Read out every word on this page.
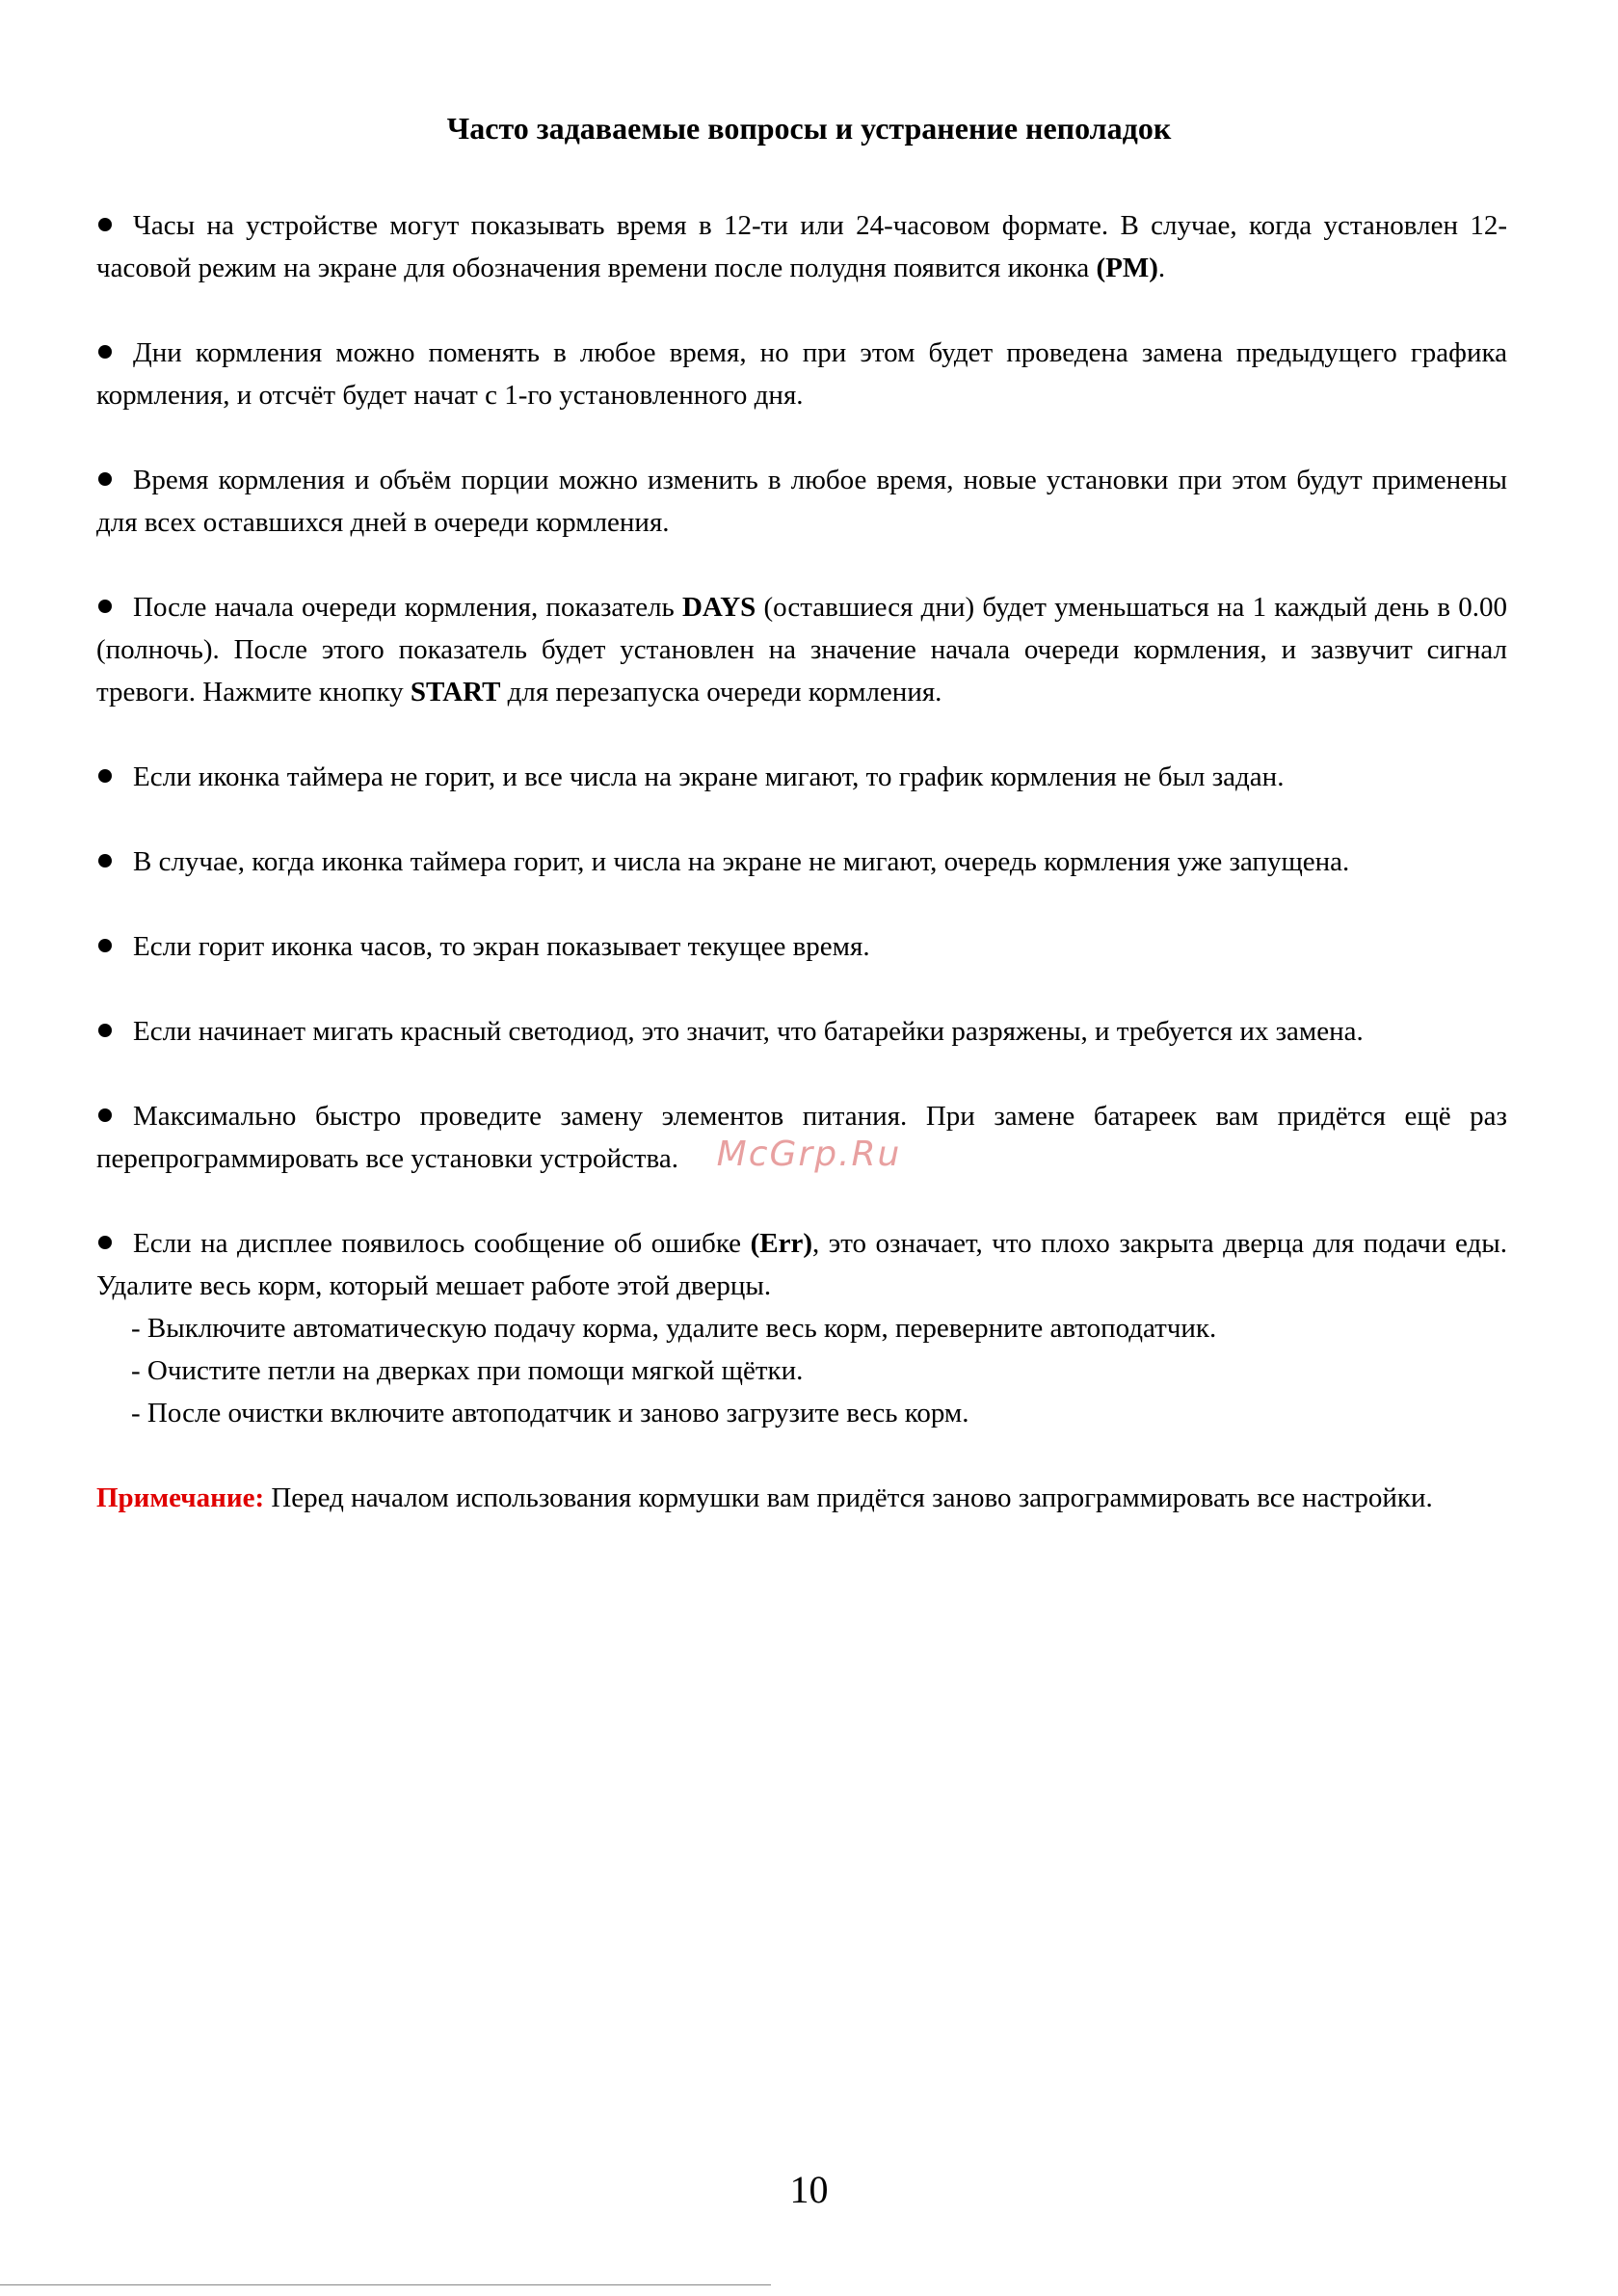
Часто задаваемые вопросы и устранение неполадок

Часы на устройстве могут показывать время в 12-ти или 24-часовом формате. В случае, когда установлен 12-часовой режим на экране для обозначения времени после полудня появится иконка (PM).

Дни кормления можно поменять в любое время, но при этом будет проведена замена предыдущего графика кормления, и отсчёт будет начат с 1-го установленного дня.

Время кормления и объём порции можно изменить в любое время, новые установки при этом будут применены для всех оставшихся дней в очереди кормления.

После начала очереди кормления, показатель DAYS (оставшиеся дни) будет уменьшаться на 1 каждый день в 0.00 (полночь). После этого показатель будет установлен на значение начала очереди кормления, и зазвучит сигнал тревоги. Нажмите кнопку START для перезапуска очереди кормления.

Если иконка таймера не горит, и все числа на экране мигают, то график кормления не был задан.

В случае, когда иконка таймера горит, и числа на экране не мигают, очередь кормления уже запущена.

Если горит иконка часов, то экран показывает текущее время.

Если начинает мигать красный светодиод, это значит, что батарейки разряжены, и требуется их замена.

Максимально быстро проведите замену элементов питания. При замене батареек вам придётся ещё раз перепрограммировать все установки устройства.

Если на дисплее появилось сообщение об ошибке (Err), это означает, что плохо закрыта дверца для подачи еды. Удалите весь корм, который мешает работе этой дверцы.

- Выключите автоматическую подачу корма, удалите весь корм, переверните автоподатчик.
- Очистите петли на дверках при помощи мягкой щётки.
- После очистки включите автоподатчик и заново загрузите весь корм.

Примечание: Перед началом использования кормушки вам придётся заново запрограммировать все настройки.

McGrp.Ru
10
